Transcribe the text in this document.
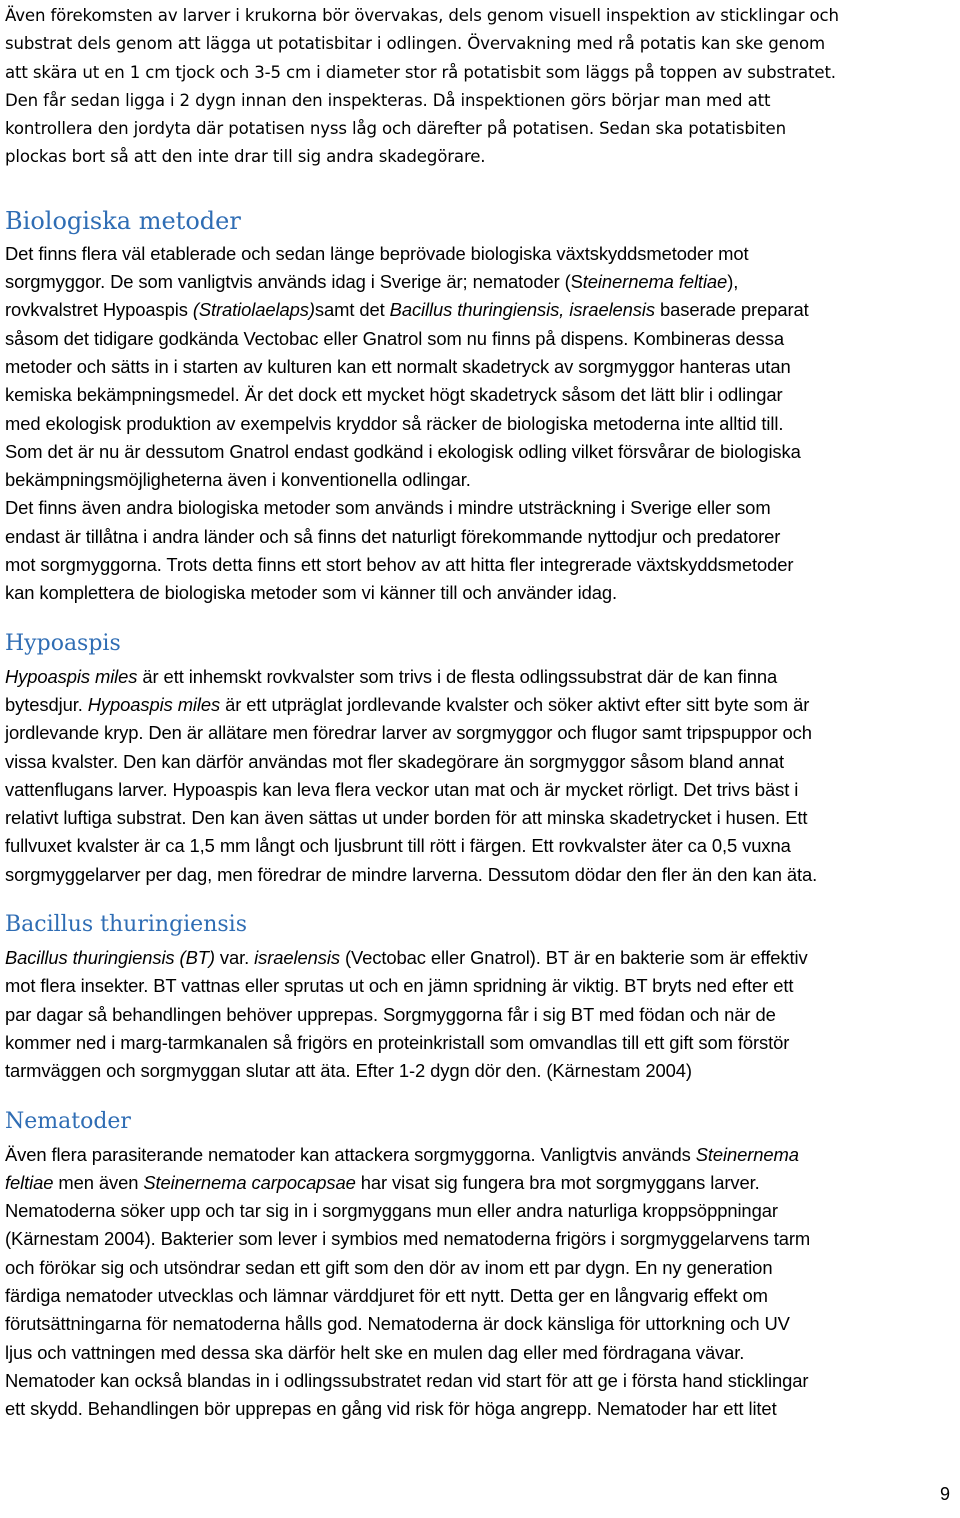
Även förekomsten av larver i krukorna bör övervakas, dels genom visuell inspektion av sticklingar och
substrat dels genom att lägga ut potatisbitar i odlingen. Övervakning med rå potatis kan ske genom
att skära ut en 1 cm tjock och 3-5 cm i diameter stor rå potatisbit som läggs på toppen av substratet.
Den får sedan ligga i 2 dygn innan den inspekteras. Då inspektionen görs börjar man med att
kontrollera den jordyta där potatisen nyss låg och därefter på potatisen. Sedan ska potatisbiten
plockas bort så att den inte drar till sig andra skadegörare.

Biologiska metoder

Det finns flera väl etablerade och sedan länge beprövade biologiska växtskyddsmetoder mot
sorgmyggor. De som vanligtvis används idag i Sverige är; nematoder (Steinernema feltiae),
rovkvalstret Hypoaspis (Stratiolaelaps)samt det Bacillus thuringiensis, israelensis baserade preparat
såsom det tidigare godkända Vectobac eller Gnatrol som nu finns på dispens. Kombineras dessa
metoder och sätts in i starten av kulturen kan ett normalt skadetryck av sorgmyggor hanteras utan
kemiska bekämpningsmedel. Är det dock ett mycket högt skadetryck såsom det lätt blir i odlingar
med ekologisk produktion av exempelvis kryddor så räcker de biologiska metoderna inte alltid till.
Som det är nu är dessutom Gnatrol endast godkänd i ekologisk odling vilket försvårar de biologiska
bekämpningsmöjligheterna även i konventionella odlingar.
Det finns även andra biologiska metoder som används i mindre utsträckning i Sverige eller som
endast är tillåtna i andra länder och så finns det naturligt förekommande nyttodjur och predatorer
mot sorgmyggorna. Trots detta finns ett stort behov av att hitta fler integrerade växtskyddsmetoder
kan komplettera de biologiska metoder som vi känner till och använder idag.

Hypoaspis

Hypoaspis miles är ett inhemskt rovkvalster som trivs i de flesta odlingssubstrat där de kan finna
bytesdjur. Hypoaspis miles är ett utpräglat jordlevande kvalster och söker aktivt efter sitt byte som är
jordlevande kryp. Den är allätare men föredrar larver av sorgmyggor och flugor samt tripspuppor och
vissa kvalster. Den kan därför användas mot fler skadegörare än sorgmyggor såsom bland annat
vattenflugans larver. Hypoaspis kan leva flera veckor utan mat och är mycket rörligt. Det trivs bäst i
relativt luftiga substrat. Den kan även sättas ut under borden för att minska skadetrycket i husen. Ett
fullvuxet kvalster är ca 1,5 mm långt och ljusbrunt till rött i färgen. Ett rovkvalster äter ca 0,5 vuxna
sorgmyggelarver per dag, men föredrar de mindre larverna. Dessutom dödar den fler än den kan äta.

Bacillus thuringiensis

Bacillus thuringiensis (BT) var. israelensis (Vectobac eller Gnatrol). BT är en bakterie som är effektiv
mot flera insekter. BT vattnas eller sprutas ut och en jämn spridning är viktig. BT bryts ned efter ett
par dagar så behandlingen behöver upprepas. Sorgmyggorna får i sig BT med födan och när de
kommer ned i marg-tarmkanalen så frigörs en proteinkristall som omvandlas till ett gift som förstör
tarmväggen och sorgmyggan slutar att äta. Efter 1-2 dygn dör den. (Kärnestam 2004)

Nematoder

Även flera parasiterande nematoder kan attackera sorgmyggorna. Vanligtvis används Steinernema
feltiae men även Steinernema carpocapsae har visat sig fungera bra mot sorgmyggans larver.
Nematoderna söker upp och tar sig in i sorgmyggans mun eller andra naturliga kroppsöppningar
(Kärnestam 2004). Bakterier som lever i symbios med nematoderna frigörs i sorgmyggelarvens tarm
och förökar sig och utsöndrar sedan ett gift som den dör av inom ett par dygn. En ny generation
färdiga nematoder utvecklas och lämnar värddjuret för ett nytt. Detta ger en långvarig effekt om
förutsättningarna för nematoderna hålls god. Nematoderna är dock känsliga för uttorkning och UV
ljus och vattningen med dessa ska därför helt ske en mulen dag eller med fördragana vävar.
Nematoder kan också blandas in i odlingssubstratet redan vid start för att ge i första hand sticklingar
ett skydd. Behandlingen bör upprepas en gång vid risk för höga angrepp. Nematoder har ett litet

9
